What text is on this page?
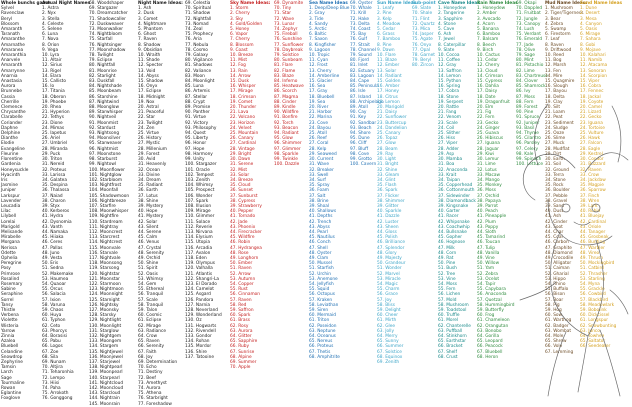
Whole bunchs game
Sylvel
Ravenclaw
Beryl
Blossom
Amaranth
Taranath
Amaranthe
Amarnathe
Amaranea
Amaranthia
Anarvele
Amaranth
Amarrynne
Anarnia
Anastasia
Aurora
Brunnebe
Cassia
Cherrille
Clemence
Chrysanthe
Clarabelle
Coriander
Daphne
Delphine
Dianthe
Elodie
Evangeline
Fleurine
Florentine
Gardenia
Honeysuckle
Hyacinth
Iris
Jasmine
Juniper
Larkspur
Lavender
Leucadia
Lilac
Lilybell
Lorelai
Marigold
Melisande
Mirabelle
Morgana
Nerissa
Odette
Ophelia
Peregrine
Posy
Primrose
Rosalind
Rosemary
Sabine
Seraphine
Sorrel
Tansy
Thistle
Verbena
Violette
Wisteria
Yarrow
Zinnia
Azalea
Bluebell
Celandine
Snowdrop
Zephyrine
Tamsin
Larch
Sage
Tourmaline
Rowan
Eglantine
Foxglove
Actual Night Names
1. Astra
2. Nyx
3. Stella
4. Celeste
5. Selene
6. Luna
7. Nova
8. Orion
9. Vega
10. Lyra
11. Altair
12. Sirius
13. Rigel
14. Elara
15. Callisto
16. Io
17. Titania
18. Oberon
19. Phoebe
20. Rhea
21. Hyperion
22. Tethys
23. Dione
24. Mimas
25. Iapetus
26. Ariel
27. Umbriel
28. Miranda
29. Puck
30. Triton
31. Nereid
32. Proteus
33. Larissa
34. Galatea
35. Despina
36. Thalassa
37. Naiad
38. Charon
39. Styx
40. Kerberos
41. Hydra
42. Dysnomia
43. Vanth
44. Namaka
45. Hiiaka
46. Ceres
47. Pallas
48. Juno
49. Vesta
50. Eris
51. Sedna
52. Makemake
53. Haumea
54. Quaoar
55. Orcus
56. Salacia
57. Ixion
58. Varuna
59. Chaos
60. Huya
61. Typhon
62. Ceto
63. Phorcys
64. Borasisi
65. Pabu
66. Logos
67. Zoe
68. Sila
69. Nunam
70. Altjira
71. Teharonhia
72. Lempo
73. Hiisi
74. Paha
75. Arrokoth
76. Gonggong
68. Woodshaper
69. Stargazer
70. Dreamcatcher
71. Shadowcaller
72. Duskweaver
73. Moonwalker
74. Nightbloom
75. Starfall
76. Nightsinger
77. Moonshadow
78. Twilight
79. Eclipse
80. Nightfall
81. Moonrise
82. Starlight
83. Duskfall
84. Nightshade
85. Moonbeam
86. Starshine
87. Nightwind
88. Moonglow
89. Starwhisper
90. Nightveil
91. Moonmist
92. Stardust
93. Nightsong
94. Moonsilver
95. Starweaver
96. Nightmist
97. Moonstone
98. Starburst
99. Nightowl
100. Moonflower
101. Nightglow
102. Starbloom
103. Nightfrost
104. Moonfall
105. Shadowmoon
106. Nightbreeze
107. Starfire
108. Moonwhisper
109. Nightfire
110. Stardream
111. Nightray
112. Mooncrest
113. Starcrest
114. Nightcrest
115. Moonvale
116. Starvale
117. Nightvale
118. Moonsong
119. Starsong
120. Nightstar
121. Moonstar
122. Starmoon
123. Nightmoon
124. Moonnight
125. Starnight
126. Nightsky
127. Moonsky
128. Starsky
129. Nightlight
130. Moonlight
131. Starglow
132. Nightgem
133. Moongem
134. Stargem
135. Nightjewel
136. Moonjewel
137. Starjewel
138. Nightpearl
139. Moonpearl
140. Starpearl
141. Nightcloud
142. Mooncloud
143. Starcloud
144. Nightrain
145. Moonrain
Night Name Ideas:
1. Ash
2. Dusk
3. Comet
4. Nightmare
5. Phantom
6. Ghost
7. Raven
8. Shadow
9. Obsidian
10. Wraith
11. Shade
12. Specter
13. Void
14. Abyss
15. Shadow
16. Onyx
17. Eclipse
18. Midnight
19. Nox
20. Astral
21. Peaceful
22. Star
23. Twilight
24. Zen
25. Virtue
26. History
27. Mystic
28. Millenium
29. Forest
30. Avid
31. Heavenly
32. Ocean
33. Divine
34. Dream
35. Radiant
36. Earth
37. Lotus
38. Shine
39. Mystery
40. Hope
41. Mystery
42. Solar
43. Silent
44. Serene
45. Calm
46. Venus
47. Crystal
48. Serenity
49. Orchid
50. Shine
51. Spirit
52. Oasis
53. Whimsy
54. Gem
55. Ethereal
56. Tranquil
57. Scale
58. Tranquil
59. Talon
60. Cosmic
61. Eclipse
62. Mirage
63. Radiance
64. Crow
65. Raven
66. Serenity
67. Faith
68. Joy
69. Determination
70. Echo
71. Destiny
72. Beef
73. Amethyst
74. Aurora
75. Athena
76. Starbright
77. Foreshadow
69. Celestia
70. Spiritual
71. Shadow
72. Nightfall
73. Nomad
74. Zeal
75. Prophecy
76. Aria
77. Nebula
78. Cosmo
79. Galaxy
80. Vigilance
81. Shadows
82. Valiance
83. Moon
84. Moonlight
85. Luna
86. Artemis
87. Stellar
88. Crypt
89. Promise
90. Panther
91. Virtue
92. Victory
93. Philosophy
94. Quest
95. Liberty
96. Honor
97. Hope
98. Harmony
99. Unity
100. Stargazer
101. Oracle
102. Tempest
103. Zenith
104. Whimsy
105. Prospect
106. Wonder
107. Spark
108. Illusion
109. Mirage
110. Glimmer
111. Solace
112. Reverie
113. Nirvana
114. Elysium
115. Utopia
116. Arcadia
117. Avalon
118. Eden
119. Olympus
120. Valhalla
121. Atlantis
122. Shangri-La
123. El Dorado
124. Camelot
125. Asgard
126. Pandora
127. Narnia
128. Neverland
129. Wonderland
130. Oz
131. Hogwarts
132. Rivendell
133. Gondor
134. Rohan
135. Mordor
136. Shire
137. Tatooine
Sky Name Ideas:
1. Storm
2. Cherry
3. Sky
4. Gold/Golden
5. Honey
6. Vapor
7. Cherry
8. Blossom
9. Coast
10. Breeze
11. Mist
12. Fog
13. Rain
14. Arrow
15. Dusk
16. Whisper
17. Mirage
18. Crimson
19. Comet
20. Thunder
21. Lava
22. Volcano
23. Horizon
24. Velvet
25. Mountain
26. Canary
27. Cardinal
28. Vintage
29. Bright
30. Dawn
31. Serene
32. Mist
33. Solar
34. Breeze
35. Cloud
36. Sunset
37. Sunburst
38. Cypress
39. Strawberry
40. Pepper
41. Tornado
42. Jade
43. Phoenix
44. Firecracker
45. Wildfire
46. Robin
47. Hydrangea
48. Rose
49. Longhorn
50. Ember
51. Raven
52. Arrow
53. Autumn
54. Copper
55. Rust
56. Cinnamon
57. Raven
58. Red
59. Saffron
60. Spark
61. Brass
62. Rosy
63. Aurora
64. Glitter
65. Sapphire
66. Ruby
67. Sunrise
68. Alpine
69. Summer
70. Apple
69. Dynamite
70. Tiny
71. Star
72. Wave
73. Lunar
74. Zephyr
75. Fireball
76. Sunshine
77. Sunflower
78. Daybreak
79. Solstice
80. Sunbeam
81. Flare
82. Flame
83. Blaze
84. Inferno
85. Heatwave
86. Scorch
87. Magma
88. Cinder
89. Kindle
90. Wildfire
91. Bonfire
92. Torch
93. Beacon
94. Radiant
95. Glow
96. Shimmer
97. Glimmer
98. Sparkle
99. Twinkle
100. Dazzle
Sea Name Ideas
1. Deep/Deep Blue
2. Gray
3. Tide
4. Sandy
5. Arctic
6. Baltic
7. Saxon
8. Kingfisher
9. Lagoon
10. Tropic
11. Cyan
12. Frost
13. Cherry
14. Amberline
15. Glacier
16. Sea
17. Gray
18. Bluebell
19. Sea
20. River
21. Harbor
22. Marina
23. Cove
24. Bayou
25. Atoll
26. Reef
27. Coral
28. Kelp
29. Seaweed
30. Current
31. Wave
32. Breaker
33. Swell
34. Surf
35. Spray
36. Foam
37. Salt
38. Brine
39. Shoal
40. Shallows
41. Depths
42. Trench
43. Abyss
44. Pearl
45. Nautilus
46. Conch
47. Shell
48. Oyster
49. Clam
50. Mussel
51. Starfish
52. Urchin
53. Anemone
54. Jellyfish
55. Squid
56. Octopus
57. Kraken
58. Leviathan
59. Siren
60. Mermaid
61. Triton
62. Poseidon
63. Neptune
64. Oceanus
65. Nereus
66. Proteus
67. Thetis
68. Amphitrite
69. Oyster
70. Whale
71. Krill
72. Hake
73. Delta
74. Coast
75. Bay
76. Gulf
77. Strait
78. Channel
79. Sound
80. Fjord
81. Inlet
82. Estuary
83. Lagoon
84. Cape
85. Peninsula
86. Isle
87. Island
88. Archipelago
89. Atoll
90. Cay
91. Key
92. Sandbar
93. Beach
94. Shore
95. Dune
96. Cliff
97. Bluff
98. Cove
99. Grotto
100. Cavern
Sun Name Ideas
1. Leafy
2. Pine
3. Kelp
4. Meadow
5. Cedar
6. Grass
7. Bamboo
8. Pine
9. Dawn
10. Flare
11. Blaze
12. Ember
13. Solar
14. Radiant
15. Golden
16. Amber
17. Honey
18. Citrus
19. Lemon
20. Marigold
21. Daisy
22. Sunflower
23. Buttercup
24. Dandelion
25. Canary
26. Topaz
27. Glow
28. Beam
29. Ray
30. Light
31. Bright
32. Shine
33. Gleam
34. Glint
35. Flash
36. Spark
37. Flicker
38. Shimmer
39. Glitter
40. Sparkle
41. Dazzle
42. Luster
43. Sheen
44. Gloss
45. Polish
46. Brilliance
47. Splendor
48. Glory
49. Majesty
50. Grandeur
51. Wonder
52. Marvel
53. Miracle
54. Magic
55. Charm
56. Grace
57. Joy
58. Bliss
59. Delight
60. Cheer
61. Mirth
62. Glee
63. Jolly
64. Merry
65. Sunny
66. Summer
67. Solstice
68. Equinox
69. Zenith
Sub-point
69. Slate
70. Shale
71. Flint
72. Quartz
73. Mica
74. Jasper
75. Agate
76. Onyx
77. Opal
78. Garnet
79. Beryl
80. Zircon
Cave Name Ideas
1. Honeydew
2. Tangerine
3. Sapphire
4. Stone
5. Cave
6. Ash
7. Jewel
8. Caterpillar
9. Slate
10. Cocoa
11. Coffee
12. Gray
13. Saffron
14. Lemon
15. Python
16. Spring
17. Cobra
18. Stone
19. Serpent
20. Rattle
21. Fang
22. Venom
23. Scale
24. Coil
25. Slither
26. Hiss
27. Viper
28. Adder
29. Asp
30. Mamba
31. Boa
32. Anaconda
33. Krait
34. Taipan
35. Copperhead
36. Cottonmouth
37. Sidewinder
38. Diamondback
39. Kingsnake
40. Garter
41. Racer
42. Whipsnake
43. Coachwhip
44. Bullsnake
45. Gopher
46. Hognose
47. Milk
48. Corn
49. Rat
50. Pine
51. Bush
52. Tree
53. Vine
54. Moss
55. Fern
56. Lichen
57. Mold
58. Mushroom
59. Toadstool
60. Truffle
61. Morel
62. Chanterelle
63. Puffball
64. Stinkhorn
65. Earthstar
66. Bracket
67. Shelf
68. Crust
Rain Name Ideas
1. Honeydew
2. Amber
3. Avocado
4. Acorn
5. Banana
6. Bamboo
7. Balsam
8. Beech
9. Birch
10. Cactus
11. Cedar
12. Cherry
13. Cloud
14. Crimson
15. Cypress
16. Dahlia
17. Daisy
18. Date
19. Dragonfruit
20. Elm
21. Fig
22. Fern
23. Gecko
24. Ginger
25. Guava
26. Hibiscus
27. Iguana
28. Jaguar
29. Kiwi
30. Lemur
31. Lime
32. Lotus
33. Macaw
34. Mango
35. Monkey
36. Moss
37. Orchid
38. Papaya
39. Parrot
40. Peach
41. Pineapple
42. Plum
43. Poppy
44. Sloth
45. Tamarind
46. Toucan
47. Tulip
48. Vanilla
49. Vine
50. Willow
51. Yam
52. Zebra
53. Ocelot
54. Tapir
55. Capybara
56. Anaconda
57. Quetzal
58. Hummingbird
59. Butterfly
60. Frog
61. Chameleon
62. Orangutan
63. Bonobo
64. Gorilla
65. Leopard
66. Peacock
67. Bluebell
68. Heron
69. Okapi
70. Dappled
71. Fruitbat
72. Jungle
73. Canopy
74. Lush
75. Verdant
76. Emerald
77. Jade
78. Olive
79. Sage
80. Mint
81. Pistachio
82. Lime
83. Chartreuse
84. Clover
85. Shamrock
86. Ivy
87. Moss
88. Fern
89. Forest
90. Pine
91. Spruce
92. Juniper
93. Basil
94. Thyme
95. Cilantro
96. Parsley
97. Celery
98. Kale
99. Spinach
100. Lettuce
Mud Name Ideas:
1. Mushroom
2. Tiger/Tigerness
3. Bear
4. Zebra
5. Swamp
6. Firestorm
7. Leaf
8. Raven
9. Driftwood
10. Reed
11. Bog
12. Marsh
13. Fen
14. Mire
15. Quagmire
16. Slough
17. Bayou
18. Delta
19. Clay
20. Silt
21. Loam
22. Peat
23. Sediment
24. Sludge
25. Ooze
26. Slime
27. Muck
28. Mudflat
29. Dirt
30. Earth
31. Soil
32. Ground
33. Terra
34. Stone
35. Rock
36. Boulder
37. Pebble
38. Gravel
39. Sand
40. Dust
41. Ash
42. Cinder
43. Soot
44. Char
45. Coal
46. Carbon
47. Graphite
48. Diamond
49. Crocodile
50. Alligator
51. Caiman
52. Gharial
53. Hippo
54. Rhino
55. Buffalo
56. Bison
57. Boar
58. Pig
59. Hog
60. Sow
61. Warthog
62. Badger
63. Wombat
64. Mole
65. Shrew
66. Vole
67. Lemming
Sand Name Ideas
1. Dune
2. Desert
3. Mesa
4. Canyon
5. Oasis
6. Mirage
7. Sahara
8. Gobi
9. Mojave
10. Kalahari
11. Namib
12. Atacama
13. Sonoran
14. Scorpion
15. Viper
16. Cobra
17. Fennec
18. Jackal
19. Coyote
20. Camel
21. Lizard
22. Gecko
23. Iguana
24. Tortoise
25. Vulture
26. Hawk
27. Falcon
28. Eagle
29. Kestrel
30. Condor
31. Buzzard
32. Raven
33. Crow
34. Jackdaw
35. Magpie
36. Sparrow
37. Finch
38. Wren
39. Lark
40. Robin
41. Bluejay
42. Cardinal
43. Oriole
44. Tanager
45. Grosbeak
46. Bunting
47. Warbler
48. Vireo
49. Thrush
50. Mockingbird
51. Catbird
52. Thrasher
53. Starling
54. Myna
55. Grackle
56. Cowbird
57. Blackbird
58. Meadowlark
59. Bobolink
60. Dickcissel
61. Longspur
62. Snowbunting
63. Junco
64. Towhee
65. Saltator
66. Seedeater
